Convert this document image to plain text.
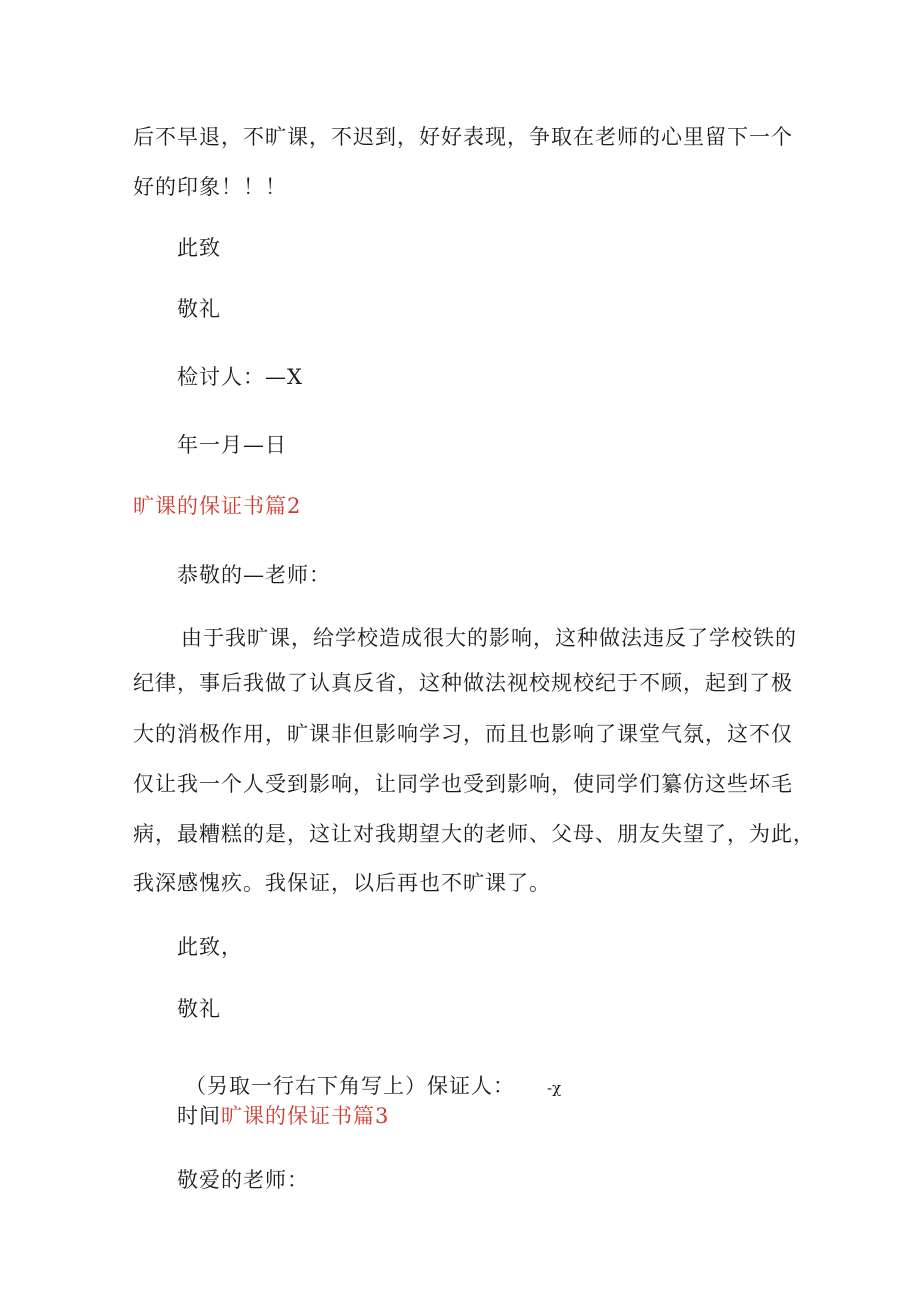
后不早退，不旷课，不迟到，好好表现，争取在老师的心里留下一个
好的印象！！！
此致
敬礼
检讨人：—X
年一月—日
旷课的保证书篇2
恭敬的—老师：
由于我旷课，给学校造成很大的影响，这种做法违反了学校铁的
纪律，事后我做了认真反省，这种做法视校规校纪于不顾，起到了极
大的消极作用，旷课非但影响学习，而且也影响了课堂气氛，这不仅
仅让我一个人受到影响，让同学也受到影响，使同学们纂仿这些坏毛
病，最糟糕的是，这让对我期望大的老师、父母、朋友失望了，为此，
我深感愧疚。我保证，以后再也不旷课了。
此致，
敬礼
（另取一行右下角写上）保证人： -χ
时间旷课的保证书篇3
敬爱的老师：
